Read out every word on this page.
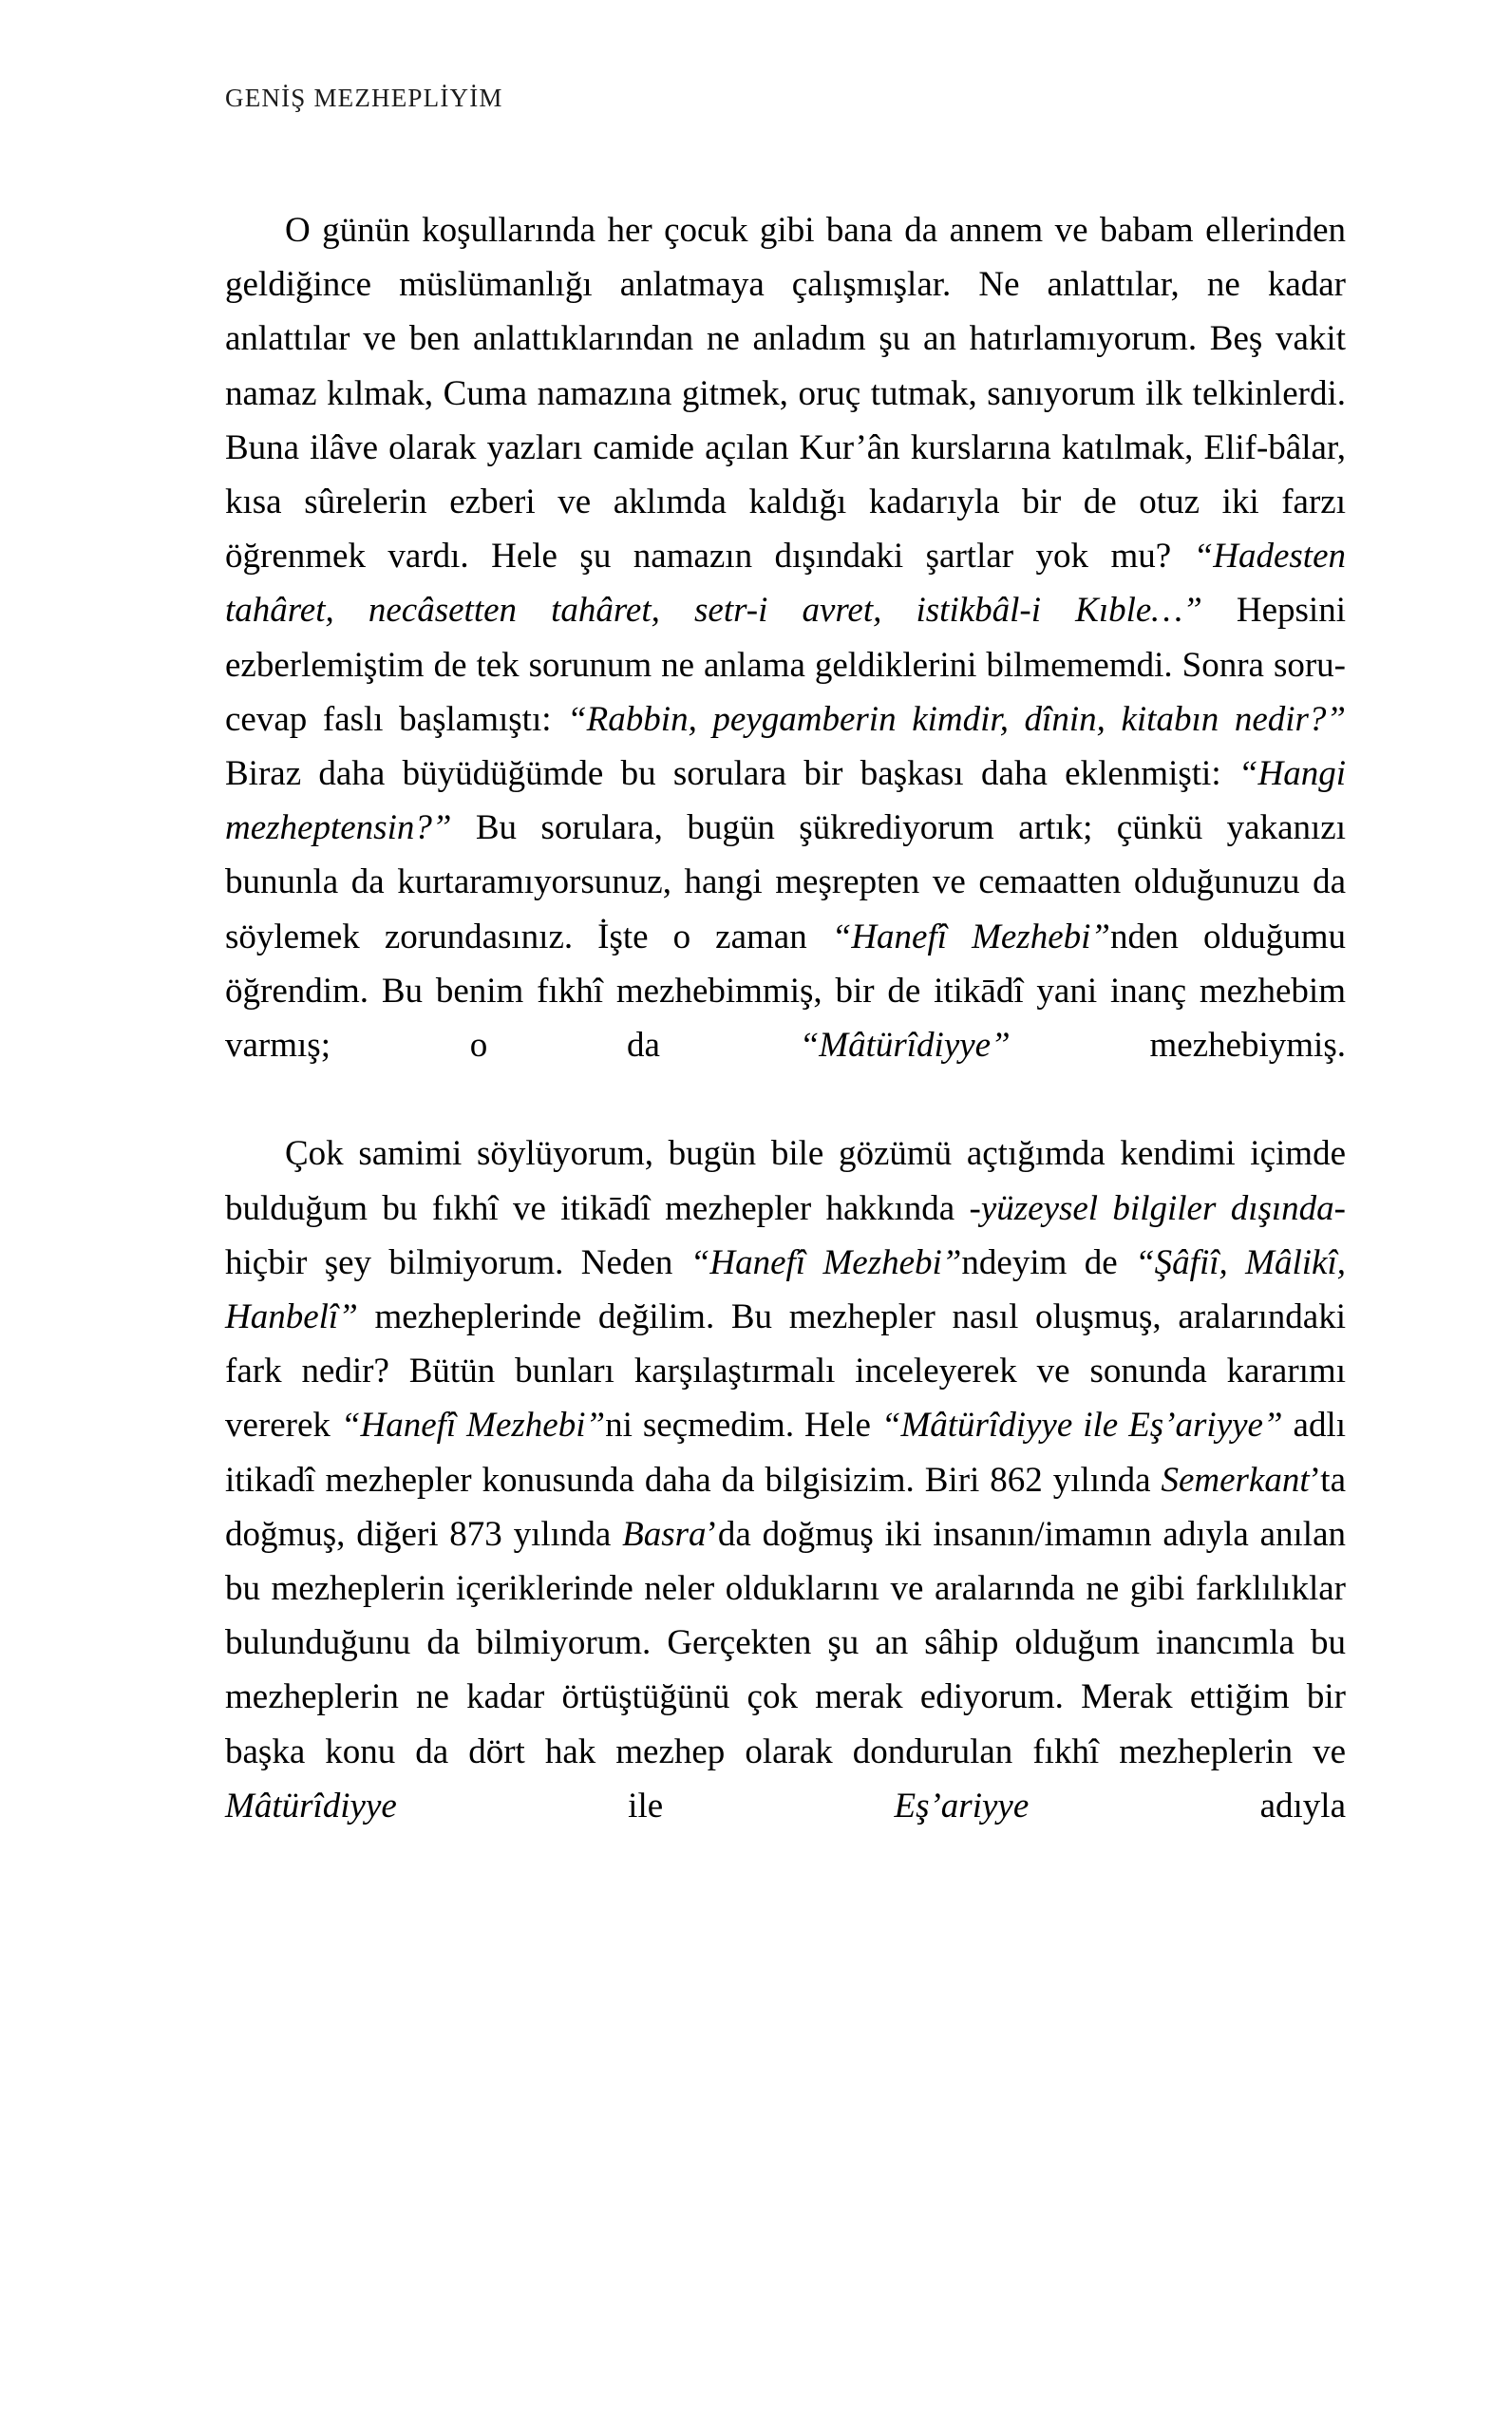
GENİŞ MEZHEPLİYİM

O günün koşullarında her çocuk gibi bana da annem ve babam ellerinden geldiğince müslümanlığı anlatmaya çalışmışlar. Ne anlattılar, ne kadar anlattılar ve ben anlattıklarından ne anladım şu an hatırlamıyorum. Beş vakit namaz kılmak, Cuma namazına gitmek, oruç tutmak, sanıyorum ilk telkinlerdi. Buna ilâve olarak yazları camide açılan Kur’ân kurslarına katılmak, Elif-bâlar, kısa sûrelerin ezberi ve aklımda kaldığı kadarıyla bir de otuz iki farzı öğrenmek vardı. Hele şu namazın dışındaki şartlar yok mu? “Hadesten tahâret, necâsetten tahâret, setr-i avret, istikbâl-i Kıble…” Hepsini ezberlemiştim de tek sorunum ne anlama geldiklerini bilmememdi. Sonra soru-cevap faslı başlamıştı: “Rabbin, peygamberin kimdir, dînin, kitabın nedir?” Biraz daha büyüdüğümde bu sorulara bir başkası daha eklenmişti: “Hangi mezheptensin?” Bu sorulara, bugün şükrediyorum artık; çünkü yakanızı bununla da kurtaramıyorsunuz, hangi meşrepten ve cemaatten olduğunuzu da söylemek zorundasınız. İşte o zaman “Hanefî Mezhebi”nden olduğumu öğrendim. Bu benim fıkhî mezhebimmiş, bir de itikādî yani inanç mezhebim varmış; o da “Mâtürîdiyye” mezhebiymiş.

Çok samimi söylüyorum, bugün bile gözümü açtığımda kendimi içimde bulduğum bu fıkhî ve itikādî mezhepler hakkında -yüzeysel bilgiler dışında- hiçbir şey bilmiyorum. Neden “Hanefî Mezhebi”ndeyim de “Şâfiî, Mâlikî, Hanbelî” mezheplerinde değilim. Bu mezhepler nasıl oluşmuş, aralarındaki fark nedir? Bütün bunları karşılaştırmalı inceleyerek ve sonunda kararımı vererek “Hanefî Mezhebi”ni seçmedim. Hele “Mâtürîdiyye ile Eş’ariyye” adlı itikadî mezhepler konusunda daha da bilgisizim. Biri 862 yılında Semerkant’ta doğmuş, diğeri 873 yılında Basra’da doğmuş iki insanın/imamın adıyla anılan bu mezheplerin içeriklerinde neler olduklarını ve aralarında ne gibi farklılıklar bulunduğunu da bilmiyorum. Gerçekten şu an sâhip olduğum inancımla bu mezheplerin ne kadar örtüştüğünü çok merak ediyorum. Merak ettiğim bir başka konu da dört hak mezhep olarak dondurulan fıkhî mezheplerin ve Mâtürîdiyye ile Eş’ariyye adıyla
